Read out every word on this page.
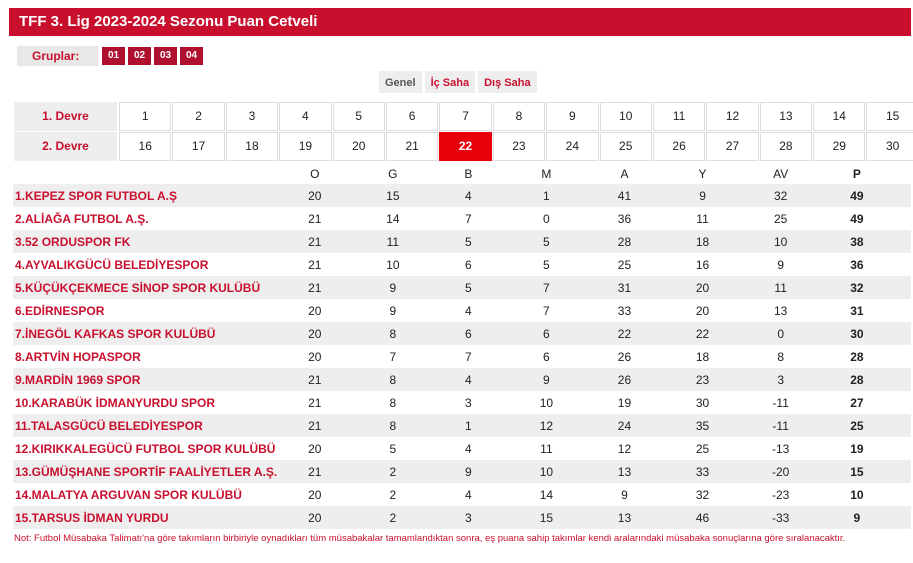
TFF 3. Lig 2023-2024 Sezonu Puan Cetveli
Gruplar:	01	02	03	04
Genel	İç Saha	Dış Saha
1. Devre	1	2	3	4	5	6	7	8	9	10	11	12	13	14	15
2. Devre	16	17	18	19	20	21	22	23	24	25	26	27	28	29	30
	O	G	B	M	A	Y	AV	P
1.KEPEZ SPOR FUTBOL A.Ş	20	15	4	1	41	9	32	49
2.ALİAĞA FUTBOL A.Ş.	21	14	7	0	36	11	25	49
3.52 ORDUSPOR FK	21	11	5	5	28	18	10	38
4.AYVALIKGÜCÜ BELEDİYESPOR	21	10	6	5	25	16	9	36
5.KÜÇÜKÇEKMECE SİNOP SPOR KULÜBÜ	21	9	5	7	31	20	11	32
6.EDİRNESPOR	20	9	4	7	33	20	13	31
7.İNEGÖL KAFKAS SPOR KULÜBÜ	20	8	6	6	22	22	0	30
8.ARTVİN HOPASPOR	20	7	7	6	26	18	8	28
9.MARDİN 1969 SPOR	21	8	4	9	26	23	3	28
10.KARABÜK İDMANYURDU SPOR	21	8	3	10	19	30	-11	27
11.TALASGÜCÜ BELEDİYESPOR	21	8	1	12	24	35	-11	25
12.KIRIKKALEGÜCÜ FUTBOL SPOR KULÜBÜ	20	5	4	11	12	25	-13	19
13.GÜMÜŞHANE SPORTİF FAALİYETLER A.Ş.	21	2	9	10	13	33	-20	15
14.MALATYA ARGUVAN SPOR KULÜBÜ	20	2	4	14	9	32	-23	10
15.TARSUS İDMAN YURDU	20	2	3	15	13	46	-33	9
Not: Futbol Müsabaka Talimatı'na göre takımların birbiriyle oynadıkları tüm müsabakalar tamamlandıktan sonra, eş puana sahip takımlar kendi aralarındaki müsabaka sonuçlarına göre sıralanacaktır.
